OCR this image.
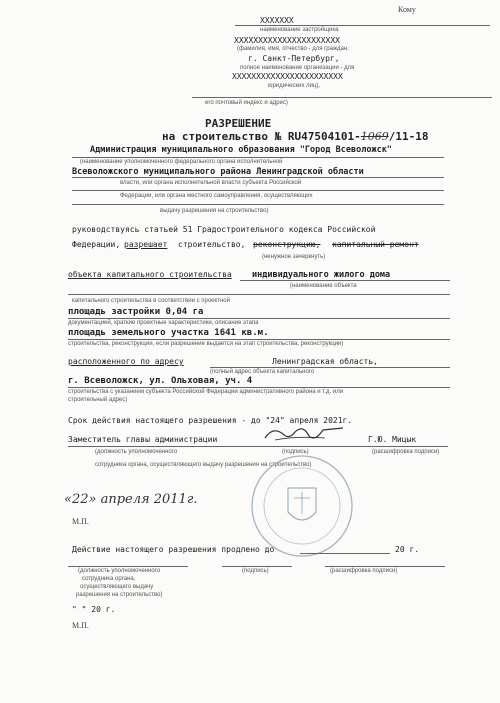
Кому
XXXXXXX
наименование застройщика
XXXXXXXXXXXXXXXXXXXXXX
(фамилия, имя, отчество - для граждан,
г. Санкт-Петербург,
полное наименование организации - для
XXXXXXXXXXXXXXXXXXXXXXX
юридических лиц),
его почтовый индекс и адрес)
РАЗРЕШЕНИЕ
на строительство № RU47504101-1069/11-18
Администрация муниципального образования "Город Всеволожск"
(наименование уполномоченного федерального органа исполнительной
Всеволожского муниципального района Ленинградской области
власти, или органа исполнительной власти субъекта Российской
Федерации, или органа местного самоуправления, осуществляющих
выдачу разрешения на строительство)
руководствуясь статьей 51 Градостроительного кодекса Российской
Федерации, разрешает строительство, реконструкцию, капитальный ремонт
(ненужное зачеркнуть)
объекта капитального строительства индивидуального жилого дома
(наименование объекта
капитального строительства в соответствии с проектной
площадь застройки 0,04 га
документацией, краткие проектные характеристики, описание этапа
площадь земельного участка 1641 кв.м.
строительства, реконструкции, если разрешение выдается на этап строительства, реконструкции)
расположенного по адресу	Ленинградская область,
(полный адрес объекта капитального
г. Всеволожск, ул. Ольховая, уч. 4
строительства с указанием субъекта Российской Федерации административного района и т.д. или
строительный адрес)
Срок действия настоящего разрешения - до "24" апреля 2021г.
Заместитель главы администрации	Г.Ю. Мицык
(должность уполномоченного	(подпись)	(расшифровка подписи)
сотрудника органа, осуществляющего выдачу разрешения на строительство)
«22» апреля 2011г.
М.П.
Действие настоящего разрешения продлено до	20 г.
(должность уполномоченного
сотрудника органа,
осуществляющего выдачу
разрешения на строительство)
(подпись)	(расшифровка подписи)
" " 20 г.
М.П.
